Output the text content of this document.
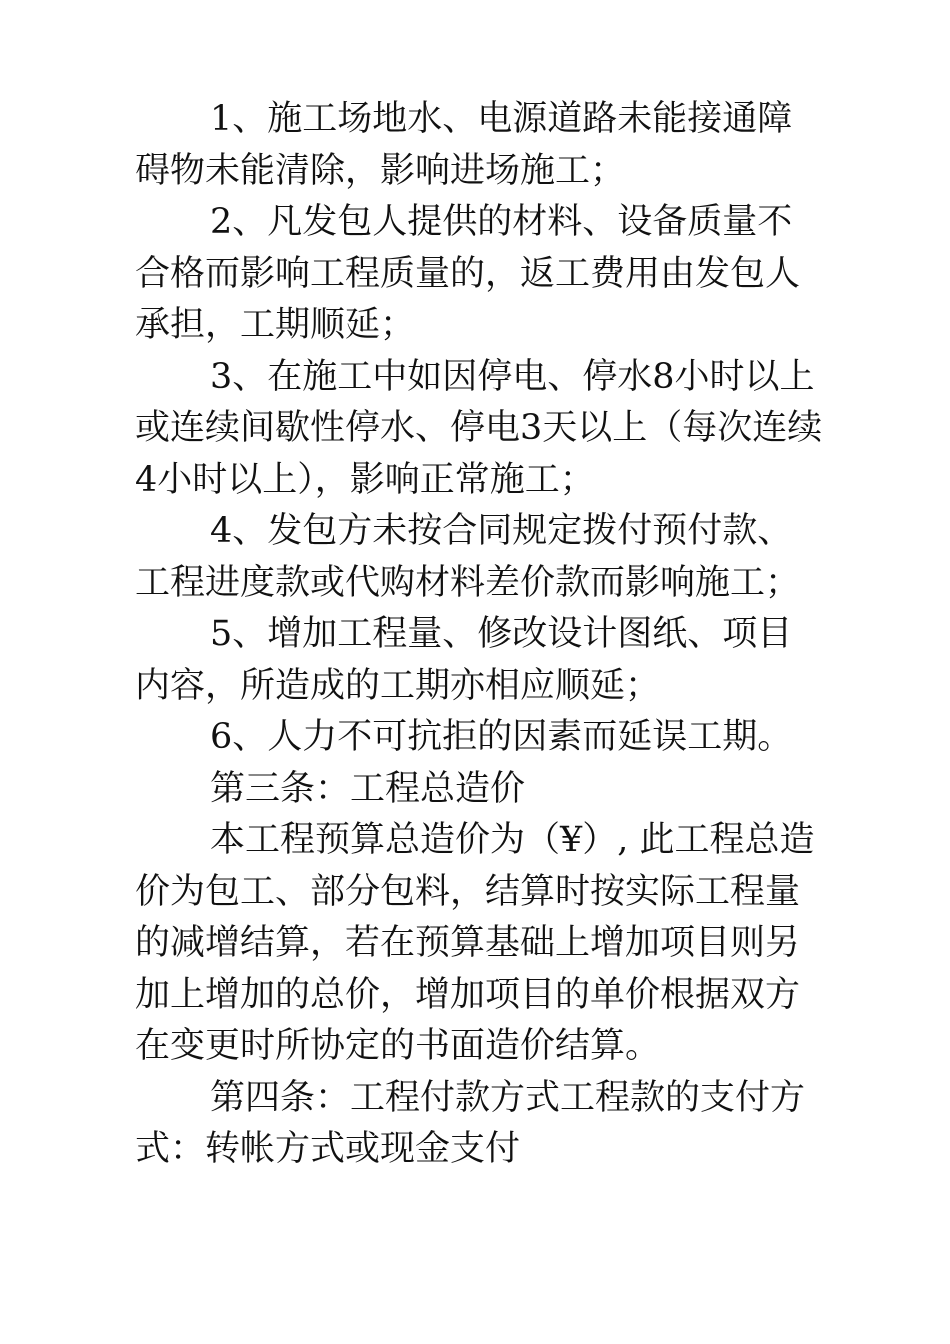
1、施工场地水、电源道路未能接通障碍物未能清除，影响进场施工；

2、凡发包人提供的材料、设备质量不合格而影响工程质量的，返工费用由发包人承担，工期顺延；

3、在施工中如因停电、停水8小时以上或连续间歇性停水、停电3天以上（每次连续4小时以上），影响正常施工；

4、发包方未按合同规定拨付预付款、工程进度款或代购材料差价款而影响施工；

5、增加工程量、修改设计图纸、项目内容，所造成的工期亦相应顺延；

6、人力不可抗拒的因素而延误工期。

第三条：工程总造价

本工程预算总造价为（¥）, 此工程总造价为包工、部分包料，结算时按实际工程量的减增结算，若在预算基础上增加项目则另加上增加的总价，增加项目的单价根据双方在变更时所协定的书面造价结算。

第四条：工程付款方式工程款的支付方式：转帐方式或现金支付
